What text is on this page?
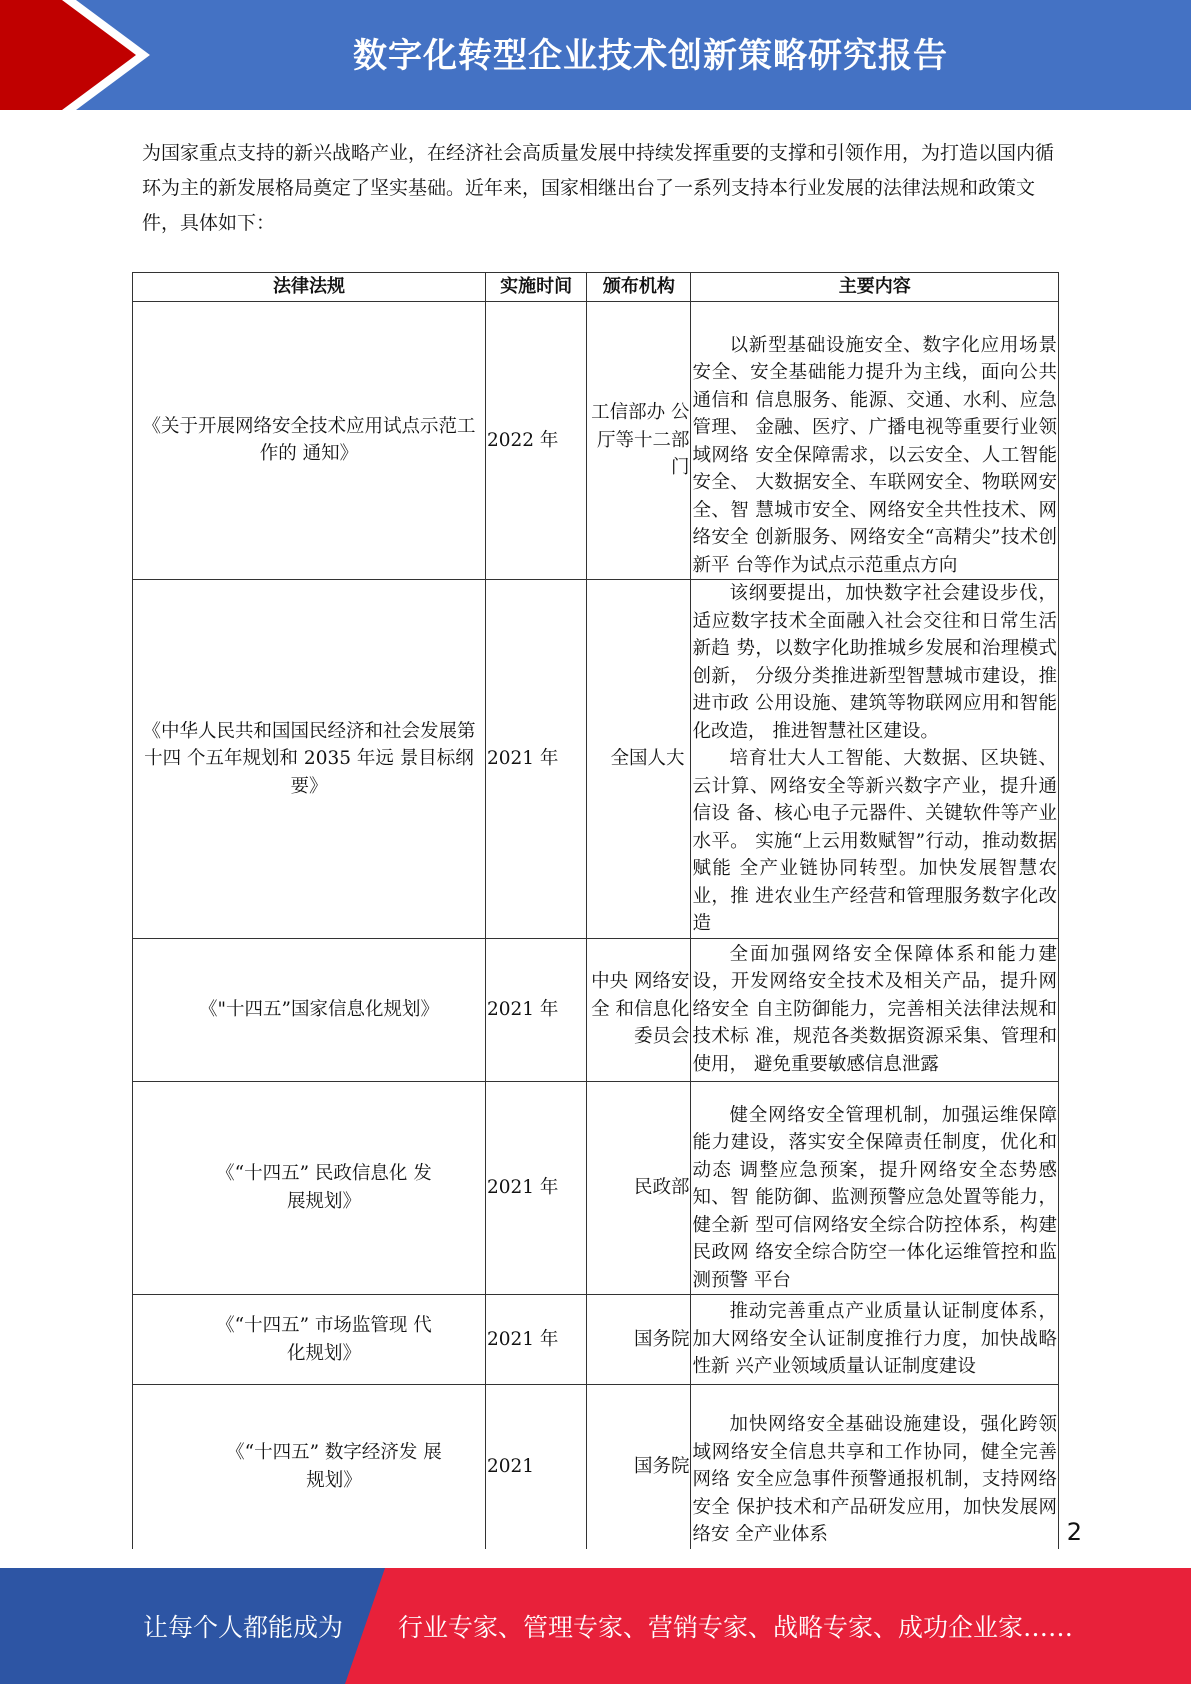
数字化转型企业技术创新策略研究报告
为国家重点支持的新兴战略产业，在经济社会高质量发展中持续发挥重要的支撑和引领作用，为打造以国内循环为主的新发展格局奠定了坚实基础。近年来，国家相继出台了一系列支持本行业发展的法律法规和政策文件，具体如下：
法律法规	实施时间	颁布机构	主要内容
《关于开展网络安全技术应用试点示范工作的 通知》	2022 年	工信部办 公厅等十二部门	以新型基础设施安全、数字化应用场景安全、安全基础能力提升为主线，面向公共通信和 信息服务、能源、交通、水利、应急管理、 金融、医疗、广播电视等重要行业领域网络 安全保障需求，以云安全、人工智能安全、 大数据安全、车联网安全、物联网安全、智 慧城市安全、网络安全共性技术、网络安全 创新服务、网络安全“高精尖”技术创新平 台等作为试点示范重点方向

《中华人民共和国国民经济和社会发展第十四 个五年规划和 2035 年远 景目标纲要》	2021 年	全国人大	该纲要提出，加快数字社会建设步伐，适应数字技术全面融入社会交往和日常生活新趋 势，以数字化助推城乡发展和治理模式创新， 分级分类推进新型智慧城市建设，推进市政 公用设施、建筑等物联网应用和智能化改造， 推进智慧社区建设。

培育壮大人工智能、大数据、区块链、云计算、网络安全等新兴数字产业，提升通信设 备、核心电子元器件、关键软件等产业水平。 实施“上云用数赋智”行动，推动数据赋能 全产业链协同转型。加快发展智慧农业，推 进农业生产经营和管理服务数字化改造

《"十四五”国家信息化规划》	2021 年	中央 网络安全 和信息化 委员会	全面加强网络安全保障体系和能力建设，开发网络安全技术及相关产品，提升网络安全 自主防御能力，完善相关法律法规和技术标 准，规范各类数据资源采集、管理和使用， 避免重要敏感信息泄露

《“十四五” 民政信息化 发展规划》	2021 年	民政部	健全网络安全管理机制，加强运维保障能力建设，落实安全保障责任制度，优化和动态 调整应急预案，提升网络安全态势感知、智 能防御、监测预警应急处置等能力，健全新 型可信网络安全综合防控体系，构建民政网 络安全综合防空一体化运维管控和监测预警 平台

《“十四五” 市场监管现 代化规划》	2021 年	国务院	推动完善重点产业质量认证制度体系，加大网络安全认证制度推行力度，加快战略性新 兴产业领域质量认证制度建设

《“十四五” 数字经济发 展规划》	2021	国务院	加快网络安全基础设施建设，强化跨领域网络安全信息共享和工作协同，健全完善网络 安全应急事件预警通报机制，支持网络安全 保护技术和产品研发应用，加快发展网络安 全产业体系	2
让每个人都能成为 行业专家、管理专家、营销专家、战略专家、成功企业家……
